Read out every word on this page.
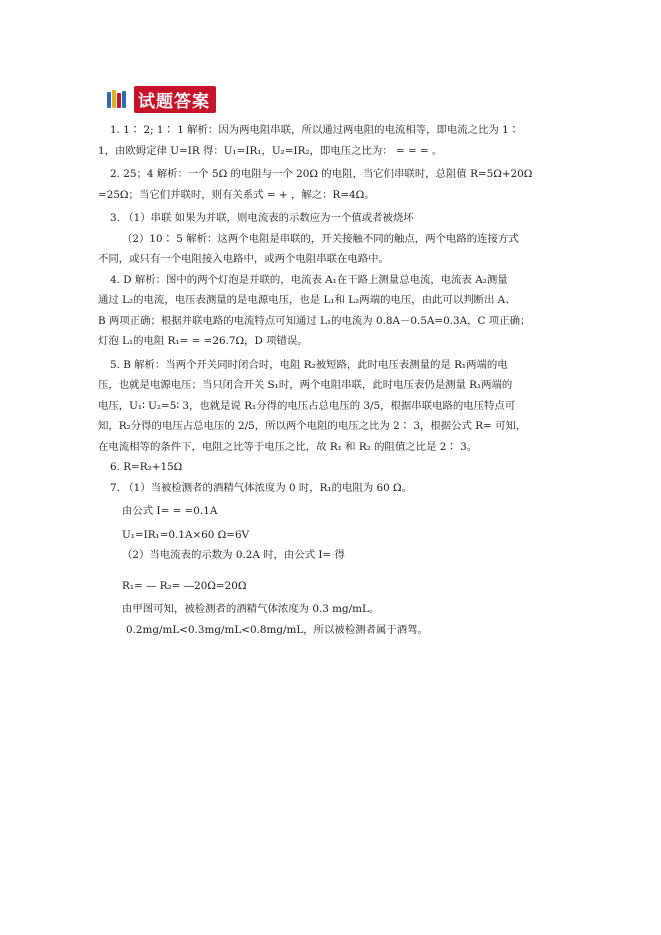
试题答案

1. 1∶ 2; 1∶ 1 解析：因为两电阻串联，所以通过两电阻的电流相等，即电流之比为 1∶

1，由欧姆定律 U=IR 得：U₁=IR₁，U₂=IR₂，即电压之比为： = = = 。

2. 25；4 解析：一个 5Ω 的电阻与一个 20Ω 的电阻，当它们串联时，总阻值 R=5Ω+20Ω

=25Ω；当它们并联时，则有关系式 = + ，解之：R=4Ω。

3. （1）串联 如果为并联，则电流表的示数应为一个值或者被烧坏

（2）10∶ 5 解析：这两个电阻是串联的，开关接触不同的触点，两个电路的连接方式

不同，或只有一个电阻接入电路中，或两个电阻串联在电路中。

4. D 解析：图中的两个灯泡是并联的，电流表 A₁在干路上测量总电流，电流表 A₂测量

通过 L₂的电流，电压表测量的是电源电压，也是 L₁和 L₂两端的电压，由此可以判断出 A、

B 两项正确；根据并联电路的电流特点可知通过 L₁的电流为 0.8A－0.5A=0.3A，C 项正确；

灯泡 L₁的电阻 R₁= = =26.7Ω，D 项错误。

5. B 解析：当两个开关同时闭合时，电阻 R₂被短路，此时电压表测量的是 R₁两端的电

压，也就是电源电压；当只闭合开关 S₁时，两个电阻串联，此时电压表仍是测量 R₁两端的

电压，U₁∶ U₂=5∶ 3，也就是说 R₁分得的电压占总电压的 3/5，根据串联电路的电压特点可

知，R₂分得的电压占总电压的 2/5，所以两个电阻的电压之比为 2∶ 3，根据公式 R= 可知，

在电流相等的条件下，电阻之比等于电压之比，故 R₁ 和 R₂ 的阻值之比是 2∶ 3。

6. R=R₂+15Ω

7. （1）当被检测者的酒精气体浓度为 0 时，R₁的电阻为 60 Ω。

由公式 I= = =0.1A

U₁=IR₁=0.1A×60 Ω=6V

（2）当电流表的示数为 0.2A 时，由公式 I= 得

R₁= — R₂= —20Ω=20Ω

由甲图可知，被检测者的酒精气体浓度为 0.3 mg/mL。

0.2mg/mL<0.3mg/mL<0.8mg/mL，所以被检测者属于酒驾。
